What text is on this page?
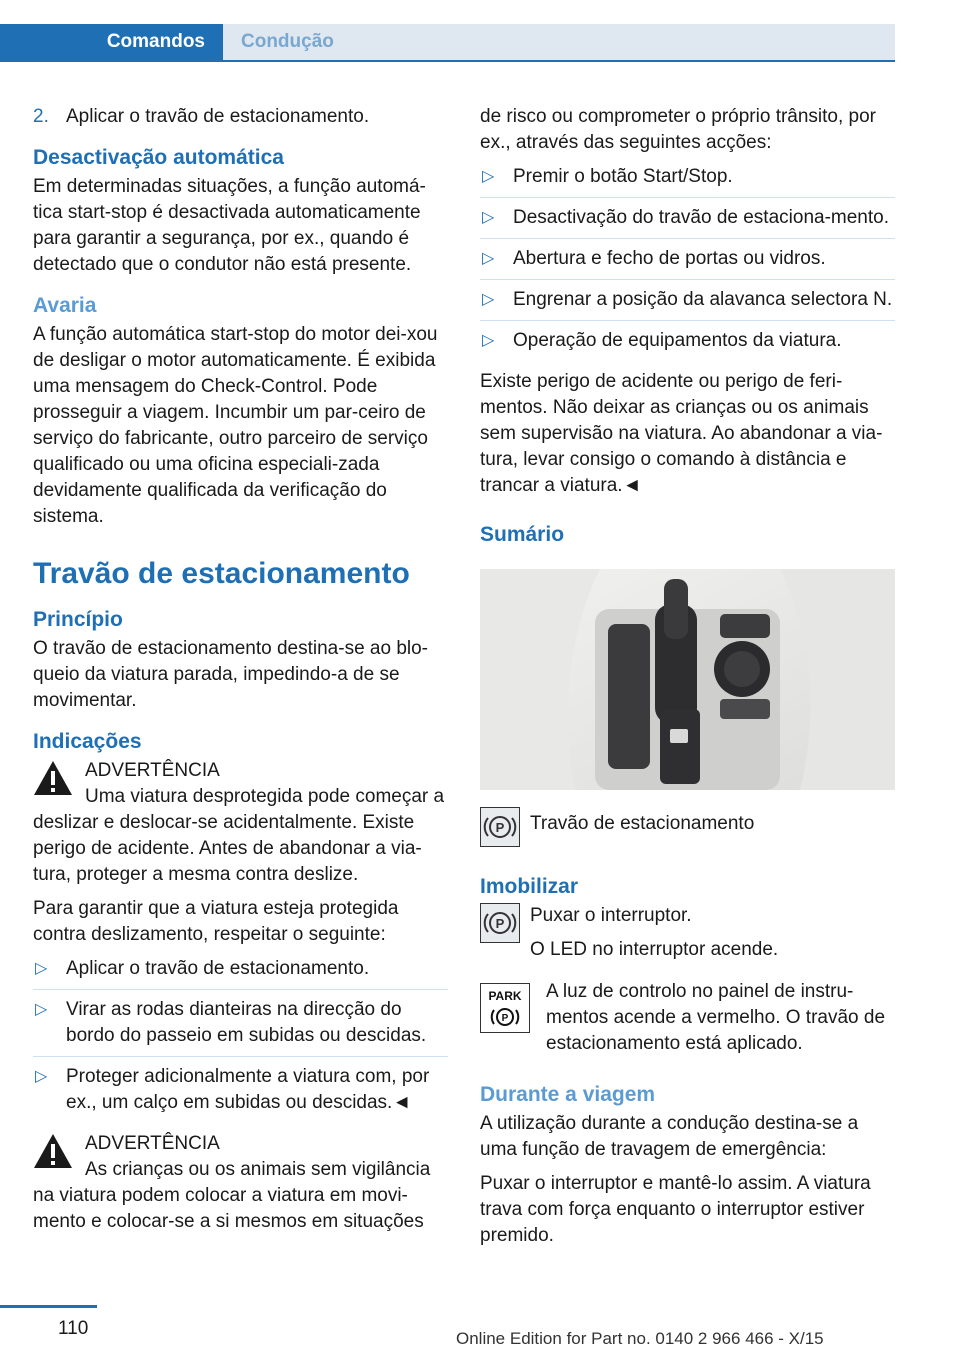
Comandos	Condução
2. Aplicar o travão de estacionamento.
Desactivação automática

Em determinadas situações, a função automá‐tica start-stop é desactivada automaticamente para garantir a segurança, por ex., quando é detectado que o condutor não está presente.

Avaria

A função automática start-stop do motor dei‐xou de desligar o motor automaticamente. É exibida uma mensagem do Check-Control. Pode prosseguir a viagem. Incumbir um par‐ceiro de serviço do fabricante, outro parceiro de serviço qualificado ou uma oficina especiali‐zada devidamente qualificada da verificação do sistema.

Travão de estacionamento
Princípio

O travão de estacionamento destina-se ao blo‐queio da viatura parada, impedindo-a de se movimentar.

Indicações
ADVERTÊNCIA

Uma viatura desprotegida pode começar a deslizar e deslocar-se acidentalmente. Existe perigo de acidente. Antes de abandonar a via‐tura, proteger a mesma contra deslize.

Para garantir que a viatura esteja protegida contra deslizamento, respeitar o seguinte:

▷ Aplicar o travão de estacionamento.
▷ Virar as rodas dianteiras na direcção do bordo do passeio em subidas ou descidas.
▷ Proteger adicionalmente a viatura com, por ex., um calço em subidas ou descidas.◄
ADVERTÊNCIA

As crianças ou os animais sem vigilância na viatura podem colocar a viatura em movi‐mento e colocar-se a si mesmos em situações

de risco ou comprometer o próprio trânsito, por ex., através das seguintes acções:

▷ Premir o botão Start/Stop.
▷ Desactivação do travão de estaciona‐mento.
▷ Abertura e fecho de portas ou vidros.
▷ Engrenar a posição da alavanca selectora N.
▷ Operação de equipamentos da viatura.

Existe perigo de acidente ou perigo de feri‐mentos. Não deixar as crianças ou os animais sem supervisão na viatura. Ao abandonar a via‐tura, levar consigo o comando à distância e trancar a viatura.◄

Sumário
P	Travão de estacionamento
Imobilizar
P Puxar o interruptor.

O LED no interruptor acende.

PARK
P
A luz de controlo no painel de instru‐mentos acende a vermelho. O travão de estacionamento está aplicado.
Durante a viagem

A utilização durante a condução destina-se a uma função de travagem de emergência:

Puxar o interruptor e mantê-lo assim. A viatura trava com força enquanto o interruptor estiver premido.

110	Online Edition for Part no. 0140 2 966 466 - X/15
